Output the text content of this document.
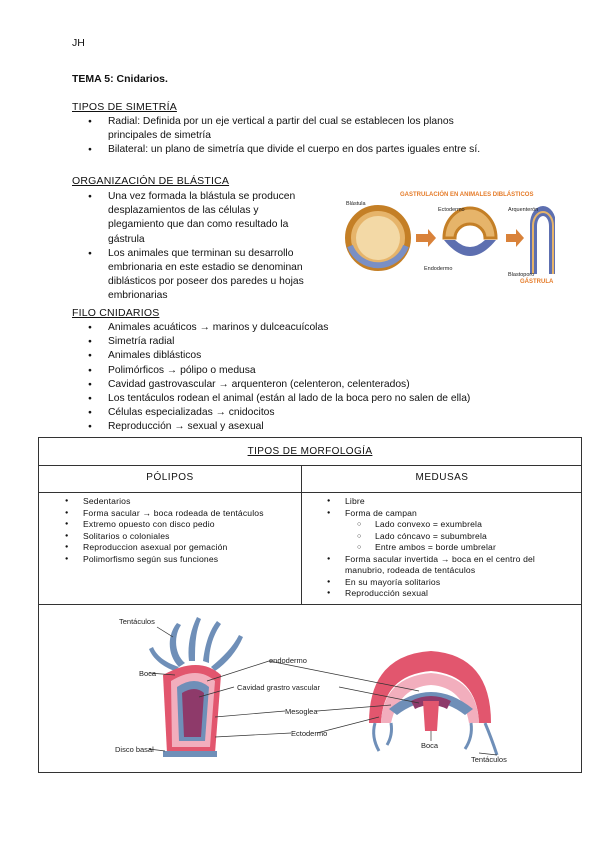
JH
TEMA 5: Cnidarios.
TIPOS DE SIMETRÍA
● Radial: Definida por un eje vertical a partir del cual se establecen los planos
principales de simetría
● Bilateral: un plano de simetría que divide el cuerpo en dos partes iguales entre sí.
ORGANIZACIÓN DE BLÁSTICA
● Una vez formada la blástula se producen
desplazamientos de las células y
plegamiento que dan como resultado la
gástrula
● Los animales que terminan su desarrollo
embrionaria en este estadio se denominan
diblásticos por poseer dos paredes u hojas
embrionarias
GASTRULACIÓN EN ANIMALES DIBLÁSTICOS
Blástula
Ectodermo
Endodermo
Arquenterón
Blastoporo
GÁSTRULA
FILO CNIDARIOS
● Animales acuáticos → marinos y dulceacuícolas
● Simetría radial
● Animales diblásticos
● Polimórficos → pólipo o medusa
● Cavidad gastrovascular → arquenteron (celenteron, celenterados)
● Los tentáculos rodean el animal (están al lado de la boca pero no salen de ella)
● Células especializadas → cnidocitos
● Reproducción → sexual y asexual
TIPOS DE MORFOLOGÍA
PÓLIPOS	MEDUSAS
● Sedentarios
● Forma sacular → boca rodeada de tentáculos
● Extremo opuesto con disco pedio
● Solitarios o coloniales
● Reproduccion asexual por gemación
● Polimorfismo según sus funciones
● Libre
● Forma de campan
○ Lado convexo = exumbrela
○ Lado cóncavo = subumbrela
○ Entre ambos = borde umbrelar
● Forma sacular invertida → boca en el centro del
manubrio, rodeada de tentáculos
● En su mayoría solitarios
● Reproducción sexual
Tentáculos
Boca
endodermo
Cavidad grastro vascular
Mesoglea
Ectodermo
Disco basal	Boca
Tentáculos
